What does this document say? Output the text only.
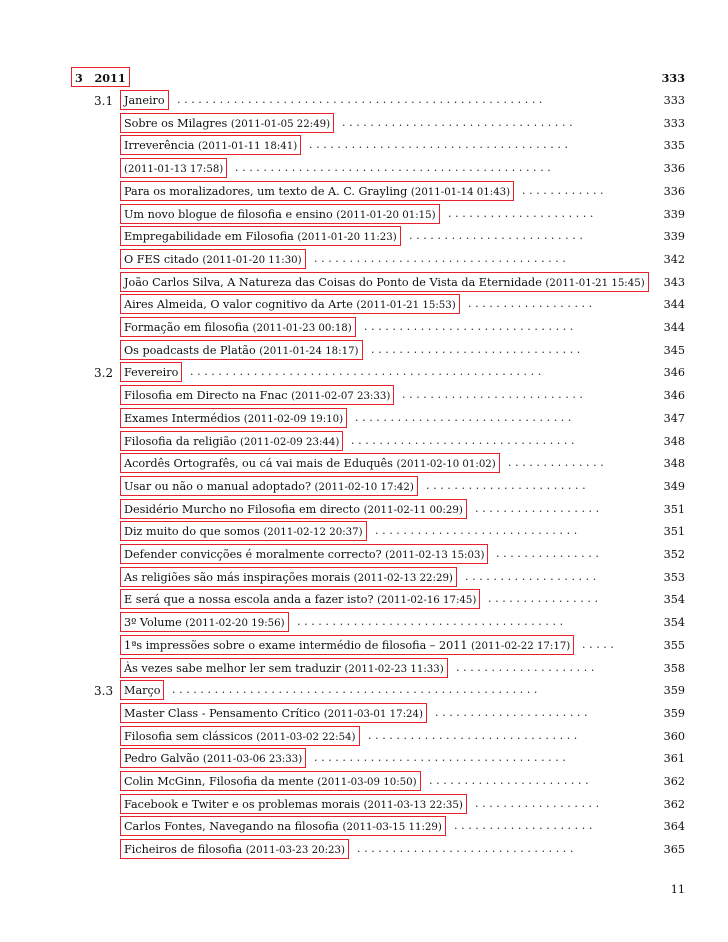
3 2011	333
3.1 Janeiro	....................................................	333
Sobre os Milagres (2011-01-05 22:49)	.................................	333
Irreverência (2011-01-11 18:41)	.....................................	335
(2011-01-13 17:58)	.............................................	336
Para os moralizadores, um texto de A. C. Grayling (2011-01-14 01:43)	............	336
Um novo blogue de filosofia e ensino (2011-01-20 01:15)	.....................	339
Empregabilidade em Filosofia (2011-01-20 11:23)	.........................	339
O FES citado (2011-01-20 11:30)	....................................	342
João Carlos Silva, A Natureza das Coisas do Ponto de Vista da Eternidade (2011-01-21 15:45)	343
Aires Almeida, O valor cognitivo da Arte (2011-01-21 15:53)	..................	344
Formação em filosofia (2011-01-23 00:18)	..............................	344
Os poadcasts de Platão (2011-01-24 18:17)	..............................	345
3.2 Fevereiro	..................................................	346
Filosofia em Directo na Fnac (2011-02-07 23:33)	..........................	346
Exames Intermédios (2011-02-09 19:10)	...............................	347
Filosofia da religião (2011-02-09 23:44)	................................	348
Acordês Ortografês, ou cá vai mais de Eduquês (2011-02-10 01:02)	..............	348
Usar ou não o manual adoptado? (2011-02-10 17:42)	.......................	349
Desidério Murcho no Filosofia em directo (2011-02-11 00:29)	..................	351
Diz muito do que somos (2011-02-12 20:37)	.............................	351
Defender convicções é moralmente correcto? (2011-02-13 15:03)	...............	352
As religiões são más inspirações morais (2011-02-13 22:29)	...................	353
E será que a nossa escola anda a fazer isto? (2011-02-16 17:45)	................	354
3º Volume (2011-02-20 19:56)	......................................	354
1ªs impressões sobre o exame intermédio de filosofia – 2011 (2011-02-22 17:17)	.....	355
Às vezes sabe melhor ler sem traduzir (2011-02-23 11:33)	....................	358
3.3 Março	....................................................	359
Master Class - Pensamento Crítico (2011-03-01 17:24)	......................	359
Filosofia sem clássicos (2011-03-02 22:54)	..............................	360
Pedro Galvão (2011-03-06 23:33)	....................................	361
Colin McGinn, Filosofia da mente (2011-03-09 10:50)	.......................	362
Facebook e Twiter e os problemas morais (2011-03-13 22:35)	..................	362
Carlos Fontes, Navegando na filosofia (2011-03-15 11:29)	....................	364
Ficheiros de filosofia (2011-03-23 20:23)	...............................	365
11
